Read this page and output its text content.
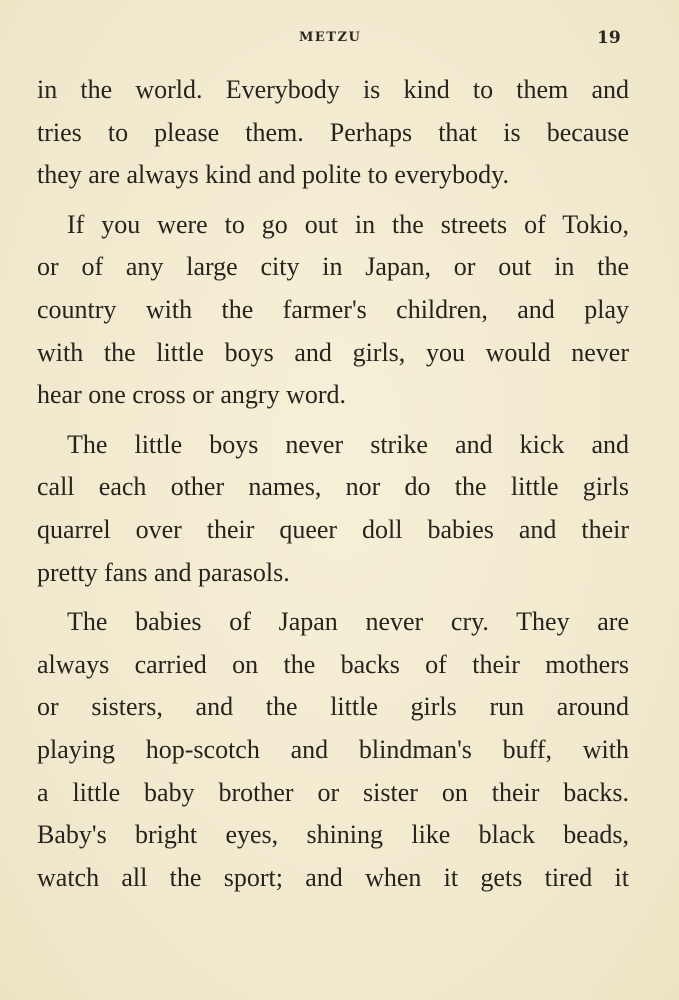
METZU	19

in the world. Everybody is kind to them and
tries to please them. Perhaps that is because
they are always kind and polite to everybody.

If you were to go out in the streets of Tokio,
or of any large city in Japan, or out in the
country with the farmer's children, and play
with the little boys and girls, you would never
hear one cross or angry word.

The little boys never strike and kick and
call each other names, nor do the little girls
quarrel over their queer doll babies and their
pretty fans and parasols.

The babies of Japan never cry. They are
always carried on the backs of their mothers
or sisters, and the little girls run around
playing hop-scotch and blindman's buff, with
a little baby brother or sister on their backs.
Baby's bright eyes, shining like black beads,
watch all the sport; and when it gets tired it
